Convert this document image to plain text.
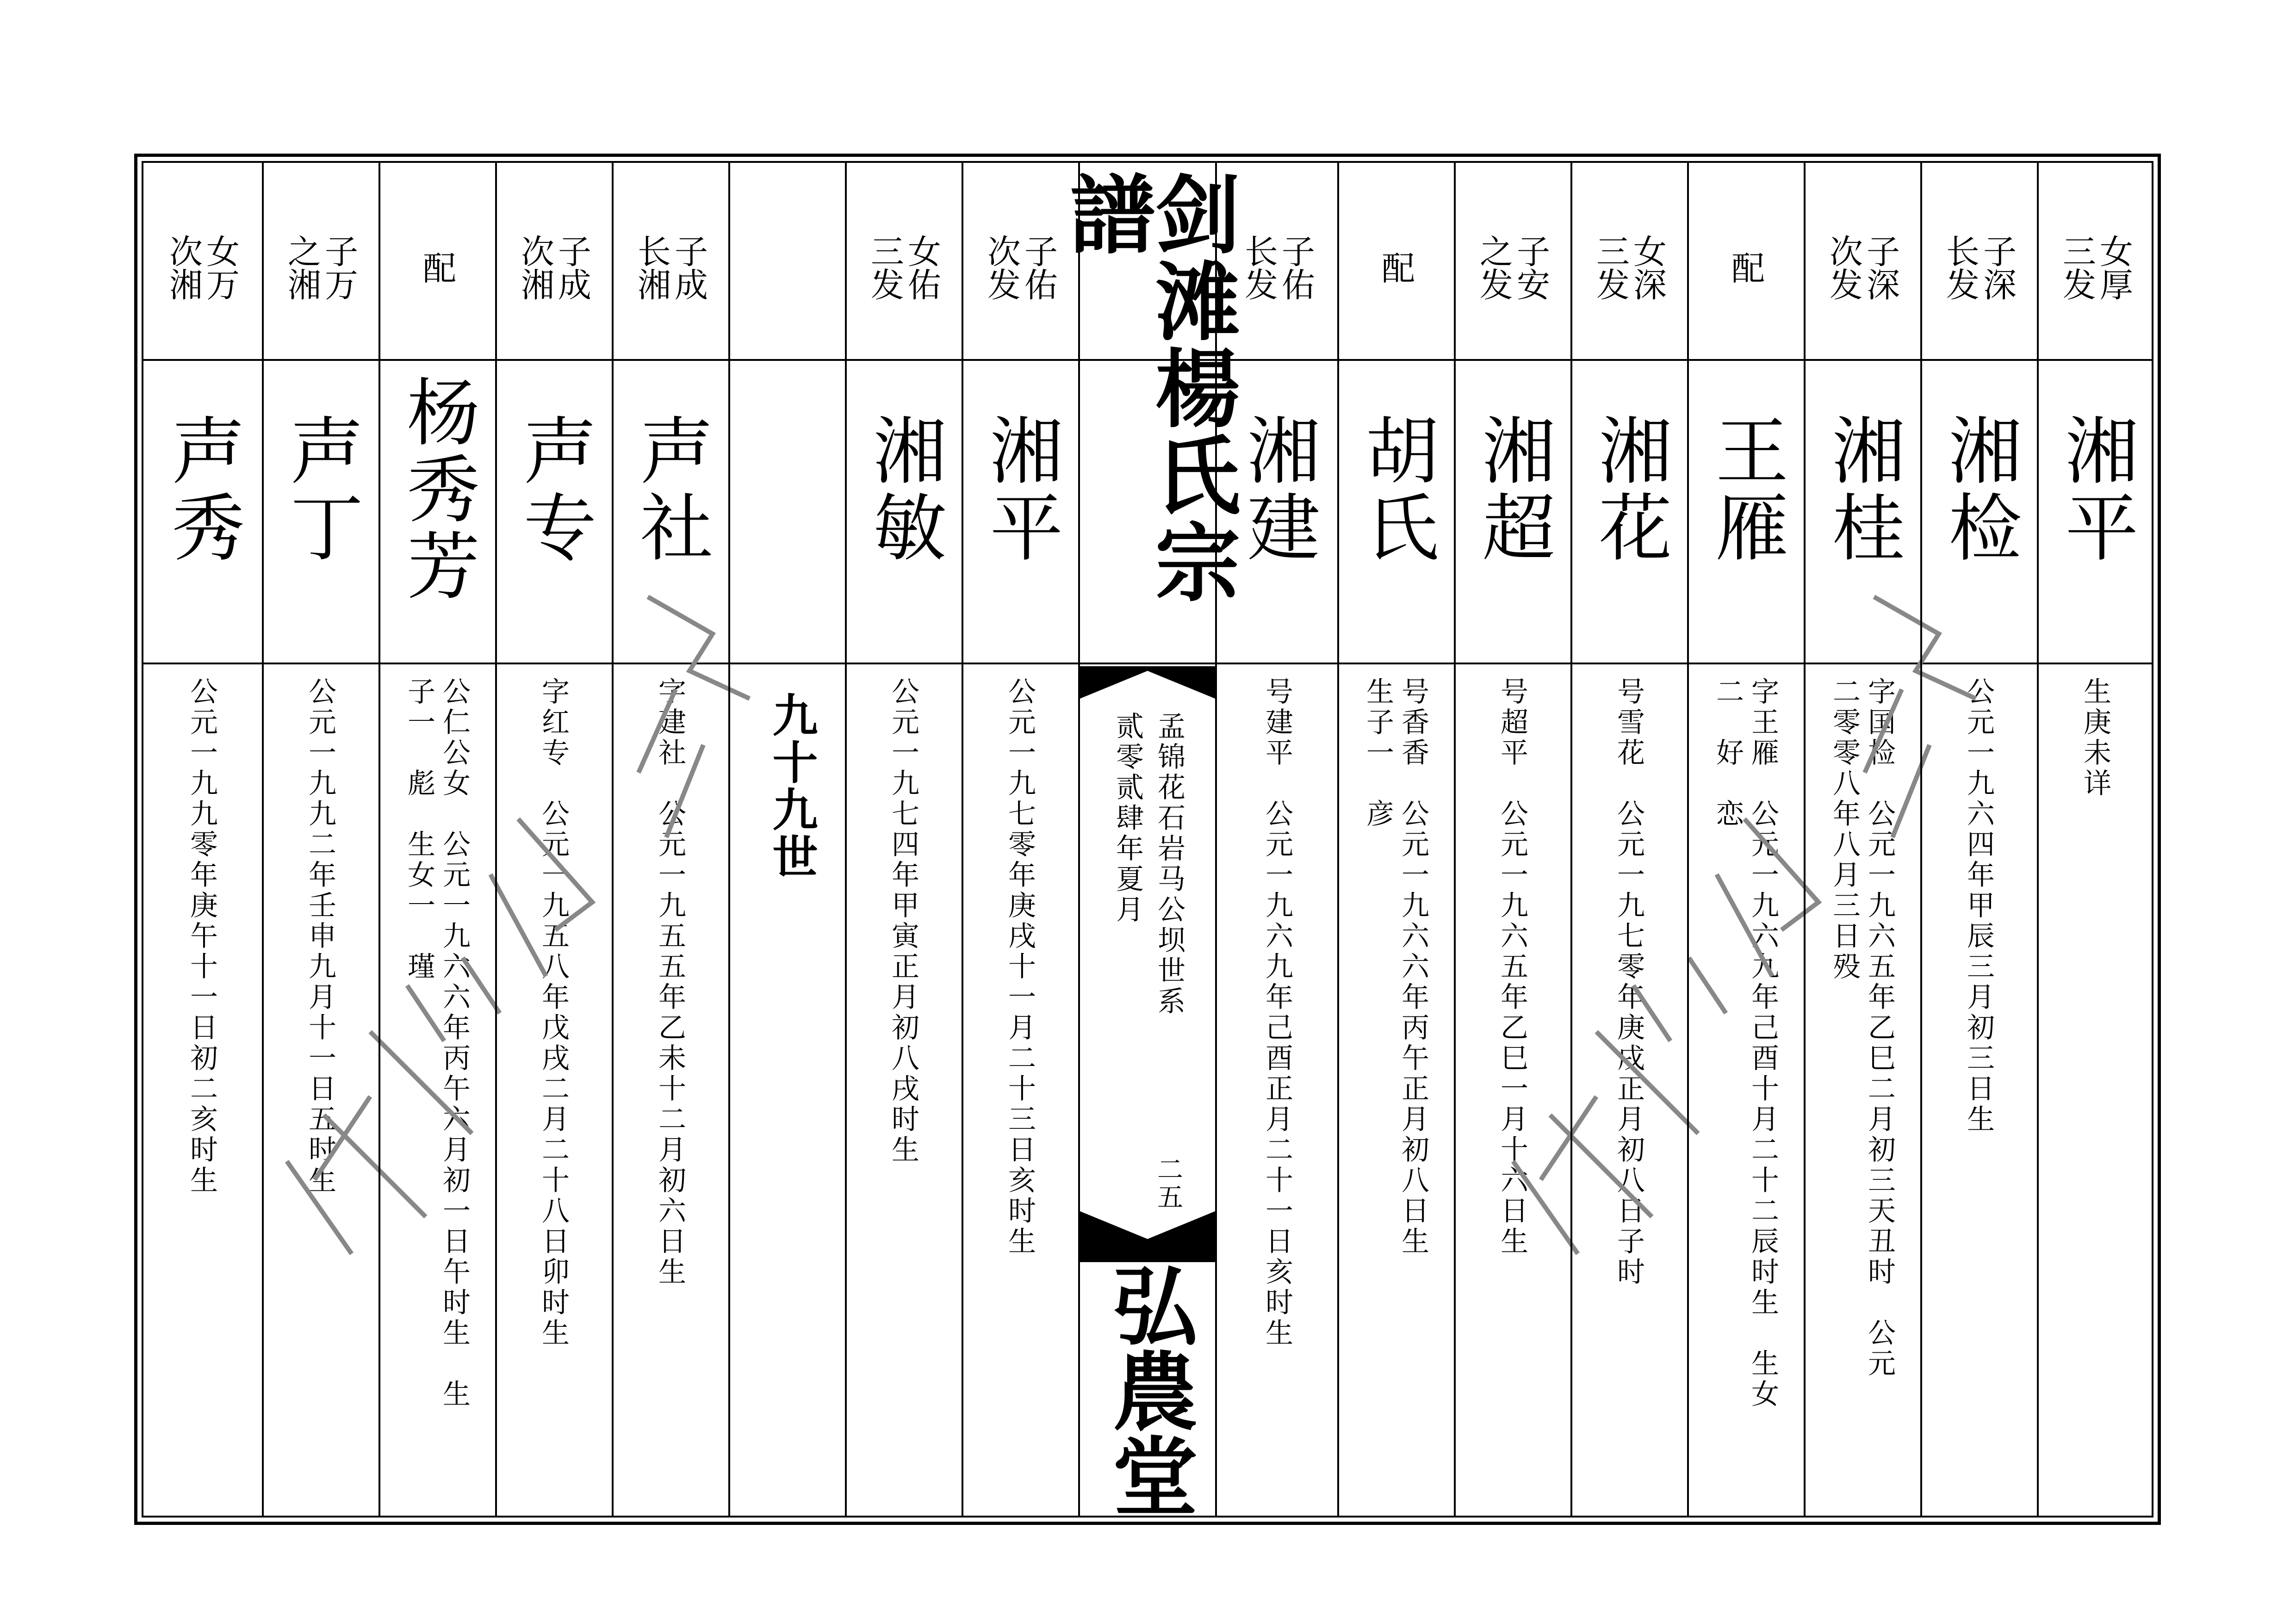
三发
女厚
湘平
生庚未详
长发
子深
湘检
公元一九六四年甲辰三月初三日生
次发
子深
湘桂
字国检　公元一九六五年乙巳二月初三天丑时　公元
二零零八年八月三日殁
配
王雁
字王雁　公元一九六九年己酉十月二十二辰时生　生女
二　好　恋
三发
女深
湘花
号雪花　公元一九七零年庚戌正月初八日子时
之发
子安
湘超
号超平　公元一九六五年乙巳一月十六日生
配
胡氏
号香香　公元一九六六年丙午正月初八日生
生子一　彦
长发
子佑
湘建
号建平　公元一九六九年己酉正月二十一日亥时生
次发
子佑
湘平
公元一九七零年庚戌十一月二十三日亥时生
三发
女佑
湘敏
公元一九七四年甲寅正月初八戌时生
长湘
子成
声社
字建社　公元一九五五年乙未十二月初六日生
次湘
子成
声专
字红专　公元一九五八年戊戌二月二十八日卯时生
配
杨秀芳
公仁公女　公元一九六六年丙午六月初一日午时生　生
子一　彪　生女一　瑾
之湘
子万
声丁
公元一九九二年壬申九月十一日五时生
次湘
女万
声秀
公元一九九零年庚午十一日初二亥时生	九十九世
剑滩楊氏宗譜
贰零贰肆年夏月 孟锦花石岩马公坝世系
二五
弘農堂
